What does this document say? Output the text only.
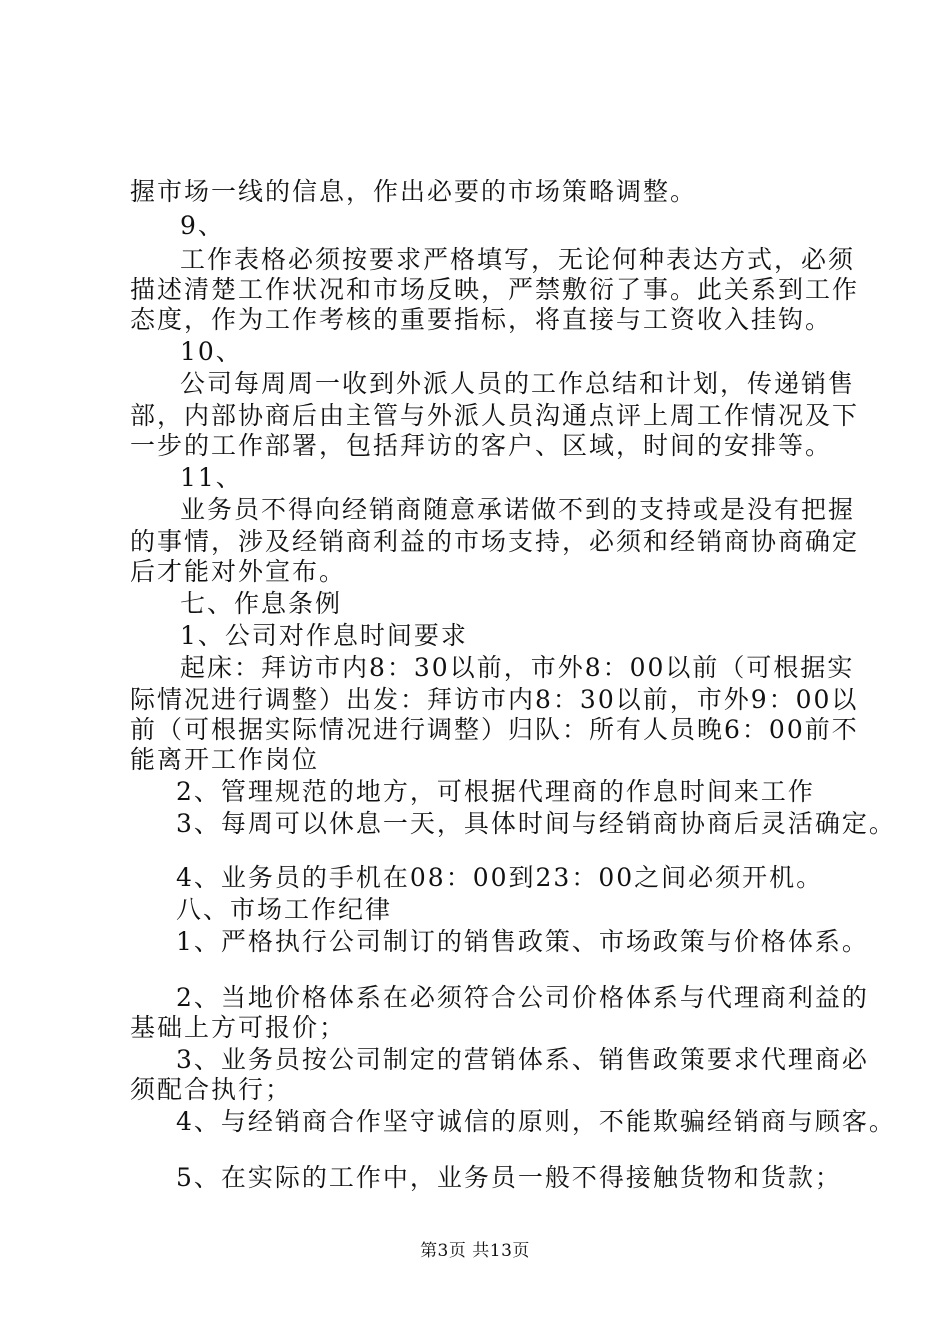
握市场一线的信息，作出必要的市场策略调整。
9、
工作表格必须按要求严格填写，无论何种表达方式，必须
描述清楚工作状况和市场反映，严禁敷衍了事。此关系到工作
态度，作为工作考核的重要指标，将直接与工资收入挂钩。
10、
公司每周周一收到外派人员的工作总结和计划，传递销售
部，内部协商后由主管与外派人员沟通点评上周工作情况及下
一步的工作部署，包括拜访的客户、区域，时间的安排等。
11、
业务员不得向经销商随意承诺做不到的支持或是没有把握
的事情，涉及经销商利益的市场支持，必须和经销商协商确定
后才能对外宣布。
七、作息条例
1、公司对作息时间要求
起床：拜访市内8：30以前，市外8：00以前（可根据实
际情况进行调整）出发：拜访市内8：30以前，市外9：00以
前（可根据实际情况进行调整）归队：所有人员晚6：00前不
能离开工作岗位
2、管理规范的地方，可根据代理商的作息时间来工作
3、每周可以休息一天，具体时间与经销商协商后灵活确定。
4、业务员的手机在08：00到23：00之间必须开机。
八、市场工作纪律
1、严格执行公司制订的销售政策、市场政策与价格体系。
2、当地价格体系在必须符合公司价格体系与代理商利益的
基础上方可报价；
3、业务员按公司制定的营销体系、销售政策要求代理商必
须配合执行；
4、与经销商合作坚守诚信的原则，不能欺骗经销商与顾客。
5、在实际的工作中，业务员一般不得接触货物和货款；
第3页 共13页
